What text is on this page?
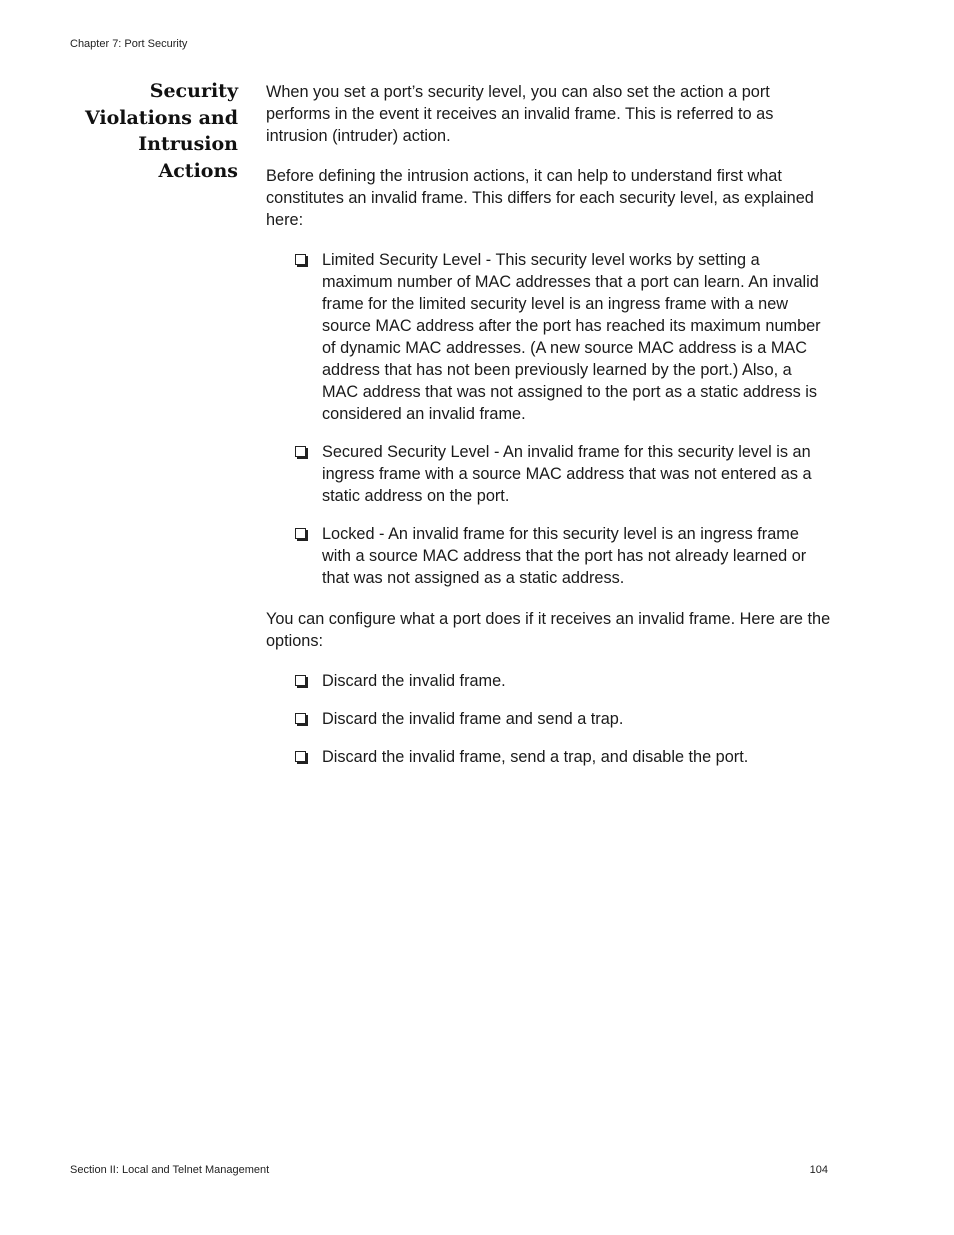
Chapter 7: Port Security
Security
Violations and
Intrusion
Actions

When you set a port’s security level, you can also set the action a port performs in the event it receives an invalid frame. This is referred to as intrusion (intruder) action.

Before defining the intrusion actions, it can help to understand first what constitutes an invalid frame. This differs for each security level, as explained here:

Limited Security Level - This security level works by setting a maximum number of MAC addresses that a port can learn. An invalid frame for the limited security level is an ingress frame with a new source MAC address after the port has reached its maximum number of dynamic MAC addresses. (A new source MAC address is a MAC address that has not been previously learned by the port.) Also, a MAC address that was not assigned to the port as a static address is considered an invalid frame.
Secured Security Level - An invalid frame for this security level is an ingress frame with a source MAC address that was not entered as a static address on the port.
Locked - An invalid frame for this security level is an ingress frame with a source MAC address that the port has not already learned or that was not assigned as a static address.

You can configure what a port does if it receives an invalid frame. Here are the options:

Discard the invalid frame.
Discard the invalid frame and send a trap.
Discard the invalid frame, send a trap, and disable the port.
Section II: Local and Telnet Management	104
